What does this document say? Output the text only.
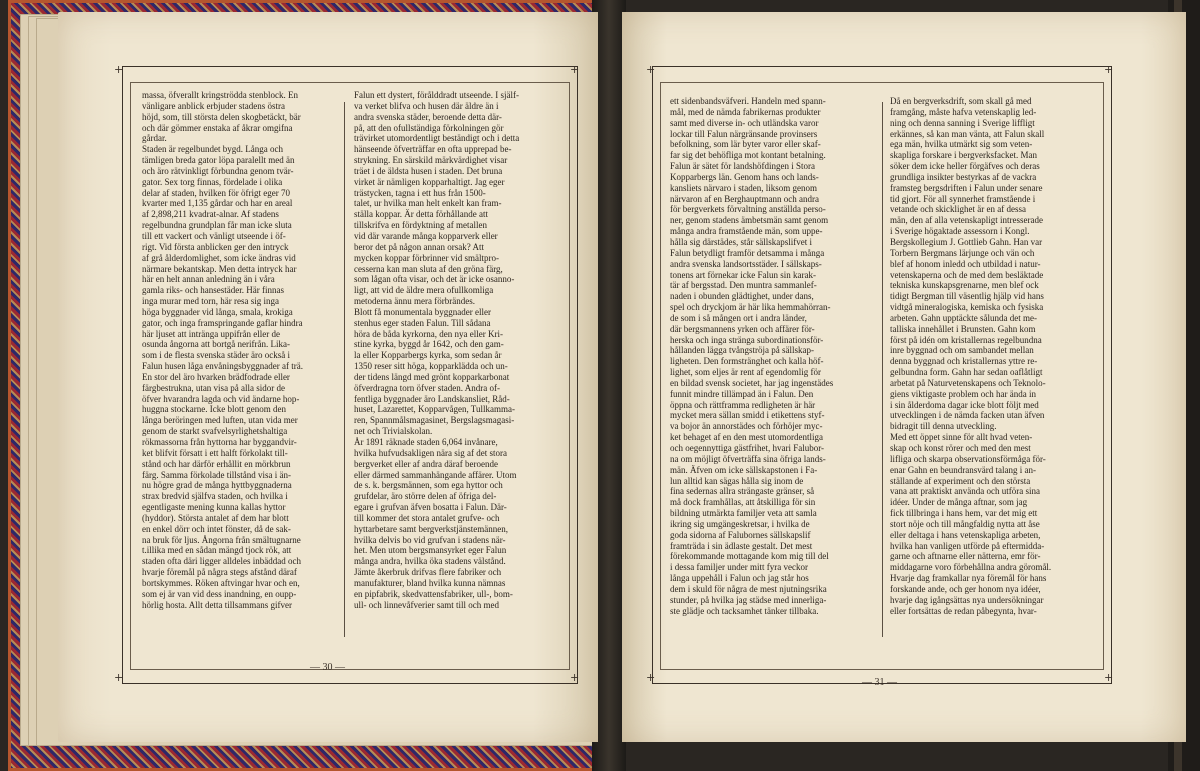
+	+
+	+
massa, öfverallt kringströdda stenblock. En
vänligare anblick erbjuder stadens östra
höjd, som, till största delen skogbetäckt, bär
och där gömmer enstaka af åkrar omgifna
gårdar.
Staden är regelbundet bygd. Långa och
tämligen breda gator löpa paralellt med än
och äro rätvinkligt förbundna genom tvär-
gator. Sex torg finnas, fördelade i olika
delar af staden, hvilken för öfrigt eger 70
kvarter med 1,135 gårdar och har en areal
af 2,898,211 kvadrat-alnar. Af stadens
regelbundna grundplan får man icke sluta
till ett vackert och vänligt utseende i öf-
rigt. Vid första anblicken ger den intryck
af grå ålderdomlighet, som icke ändras vid
närmare bekantskap. Men detta intryck har
här en helt annan anledning än i våra
gamla riks- och hansestäder. Här finnas
inga murar med torn, här resa sig inga
höga byggnader vid långa, smala, krokiga
gator, och inga framspringande gaflar hindra
här ljuset att intränga uppifrån eller de
osunda ångorna att bortgå nerifrån. Lika-
som i de flesta svenska städer äro också i
Falun husen låga envåningsbyggnader af trä.
En stor del äro hvarken brädfodrade eller
färgbestrukna, utan visa på alla sidor de
öfver hvarandra lagda och vid ändarne hop-
huggna stockarne. Icke blott genom den
långa beröringen med luften, utan vida mer
genom de starkt svafvelsyrlighetshaltiga
rökmassorna från hyttorna har byggandvir-
ket blifvit försatt i ett halft förkolakt till-
stånd och har därför erhållit en mörkbrun
färg. Samma förkolade tillstånd visa i än-
nu högre grad de många hyttbyggnaderna
strax bredvid själfva staden, och hvilka i
egentligaste mening kunna kallas hyttor
(hyddor). Största antalet af dem har blott
en enkel dörr och intet fönster, då de sak-
na bruk för ljus. Ångorna från smältugnarne
t.illika med en sådan mängd tjock rök, att
staden ofta däri ligger alldeles inbäddad och
hvarje föremål på några stegs afstånd däraf
bortskymmes. Röken aftvingar hvar och en,
som ej är van vid dess inandning, en oupp-
hörlig hosta. Allt detta tillsammans gifver
Falun ett dystert, förålddradt utseende. I själf-
va verket blifva och husen där äldre än i
andra svenska städer, beroende detta där-
på, att den ofullständiga förkolningen gör
trävirket utomordentligt beständigt och i detta
hänseende öfverträffar en ofta upprepad be-
strykning. En särskild märkvärdighet visar
träet i de äldsta husen i staden. Det bruna
virket är nämligen kopparhaltigt. Jag eger
trästycken, tagna i ett hus från 1500-
talet, ur hvilka man helt enkelt kan fram-
ställa koppar. Är detta förhållande att
tillskrifva en fördyktning af metallen
vid där varande många kopparverk eller
beror det på någon annan orsak? Att
mycken koppar förbrinner vid smältpro-
cesserna kan man sluta af den gröna färg,
som lågan ofta visar, och det är icke osanno-
ligt, att vid de äldre mera ofullkomliga
metoderna ännu mera förbrändes.
Blott få monumentala byggnader eller
stenhus eger staden Falun. Till sådana
höra de båda kyrkorna, den nya eller Kri-
stine kyrka, byggd år 1642, och den gam-
la eller Kopparbergs kyrka, som sedan år
1350 reser sitt höga, kopparklädda och un-
der tidens längd med grönt kopparkarbonat
öfverdragna torn öfver staden. Andra of-
fentliga byggnader äro Landskansliet, Råd-
huset, Lazarettet, Kopparvågen, Tullkamma-
ren, Spannmålsmagasinet, Bergslagsmagasi-
net och Trivialskolan.
År 1891 räknade staden 6,064 invånare,
hvilka hufvudsakligen nära sig af det stora
bergverket eller af andra däraf beroende
eller därmed sammanhängande affärer. Utom
de s. k. bergsmännen, som ega hyttor och
grufdelar, äro större delen af öfriga del-
egare i grufvan äfven bosatta i Falun. Där-
till kommer det stora antalet grufve- och
hyttarbetare samt bergverkstjänstemännen,
hvilka delvis bo vid grufvan i stadens när-
het. Men utom bergsmansyrket eger Falun
många andra, hvilka öka stadens välstånd.
Jämte åkerbruk drifvas flere fabriker och
manufakturer, bland hvilka kunna nämnas
en pipfabrik, skedvattensfabriker, ull-, bom-
ull- och linnevåfverier samt till och med
— 30 —
+	+
+	+
ett sidenbandsväfveri. Handeln med spann-
mål, med de nämda fabrikernas produkter
samt med diverse in- och utländska varor
lockar till Falun närgränsande provinsers
befolkning, som lär byter varor eller skaf-
far sig det behöfliga mot kontant betalning.
Falun är sätet för landshöfdingen i Stora
Kopparbergs län. Genom hans och lands-
kansliets närvaro i staden, liksom genom
närvaron af en Berghauptmann och andra
för bergverkets förvaltning anställda perso-
ner, genom stadens ämbetsmän samt genom
många andra framstående män, som uppe-
hålla sig därstädes, står sällskapslifvet i
Falun betydligt framför detsamma i många
andra svenska landsortsstäder. I sällskaps-
tonens art förnekar icke Falun sin karak-
tär af bergsstad. Den muntra sammanlef-
naden i obunden glädtighet, under dans,
spel och dryckjom är här lika hemmahörran-
de som i så mången ort i andra länder,
där bergsmannens yrken och affärer för-
herska och inga stränga subordinationsför-
hållanden lägga tvångströja på sällskap-
ligheten. Den formstränghet och kalla höf-
lighet, som eljes är rent af egendomlig för
en bildad svensk societet, har jag ingenstädes
funnit mindre tillämpad än i Falun. Den
öppna och rättframma redligheten är här
mycket mera sällan smidd i etikettens styf-
va bojor än annorstädes och förhöjer myc-
ket behaget af en den mest utomordentliga
och oegennyttiga gästfrihet, hvari Falubor-
na om möjligt öfverträffa sina öfriga lands-
män. Äfven om icke sällskapstonen i Fa-
lun alltid kan sägas hålla sig inom de
fina sedernas allra strängaste gränser, så
må dock framhållas, att åtskilliga för sin
bildning utmärkta familjer veta att samla
ikring sig umgängeskretsar, i hvilka de
goda sidorna af Falubornes sällskapslif
framträda i sin ädlaste gestalt. Det mest
förekommande mottagande kom mig till del
i dessa familjer under mitt fyra veckor
långa uppehåll i Falun och jag står hos
dem i skuld för några de mest njutningsrika
stunder, på hvilka jag städse med innerliga-
ste glädje och tacksamhet tänker tillbaka.
Då en bergverksdrift, som skall gå med
framgång, måste hafva vetenskaplig led-
ning och denna sanning i Sverige liffligt
erkännes, så kan man vänta, att Falun skall
ega män, hvilka utmärkt sig som veten-
skapliga forskare i bergverksfacket. Man
söker dem icke heller förgäfves och deras
grundliga insikter bestyrkas af de vackra
framsteg bergsdriften i Falun under senare
tid gjort. För all synnerhet framstående i
vetande och skicklighet är en af dessa
män, den af alla vetenskapligt intresserade
i Sverige högaktade assessorn i Kongl.
Bergskollegium J. Gottlieb Gahn. Han var
Torbern Bergmans lärjunge och vän och
blef af honom inledd och utbildad i natur-
vetenskaperna och de med dem besläktade
tekniska kunskapsgrenarne, men blef ock
tidigt Bergman till väsentlig hjälp vid hans
vidtgå mineralogiska, kemiska och fysiska
arbeten. Gahn upptäckte sålunda det me-
talliska innehållet i Brunsten. Gahn kom
först på idén om kristallernas regelbundna
inre byggnad och om sambandet mellan
denna byggnad och kristallernas yttre re-
gelbundna form. Gahn har sedan oaflåtligt
arbetat på Naturvetenskapens och Teknolo-
giens viktigaste problem och har ända in
i sin ålderdoma dagar icke blott följt med
utvecklingen i de nämda facken utan äfven
bidragit till denna utveckling.
Med ett öppet sinne för allt hvad veten-
skap och konst rörer och med den mest
lifliga och skarpa observationsförmåga för-
enar Gahn en beundransvärd talang i an-
ställande af experiment och den största
vana att praktiskt använda och utföra sina
idéer. Under de många aftnar, som jag
fick tillbringa i hans hem, var det mig ett
stort nöje och till mångfaldig nytta att åse
eller deltaga i hans vetenskapliga arbeten,
hvilka han vanligen utförde på eftermidda-
garne och aftnarne eller nätterna, emr för-
middagarne voro förbehållna andra göromål.
Hvarje dag framkallar nya föremål för hans
forskande ande, och ger honom nya idéer,
hvarje dag igångsättas nya undersökningar
eller fortsättas de redan påbegynta, hvar-
— 31 —
